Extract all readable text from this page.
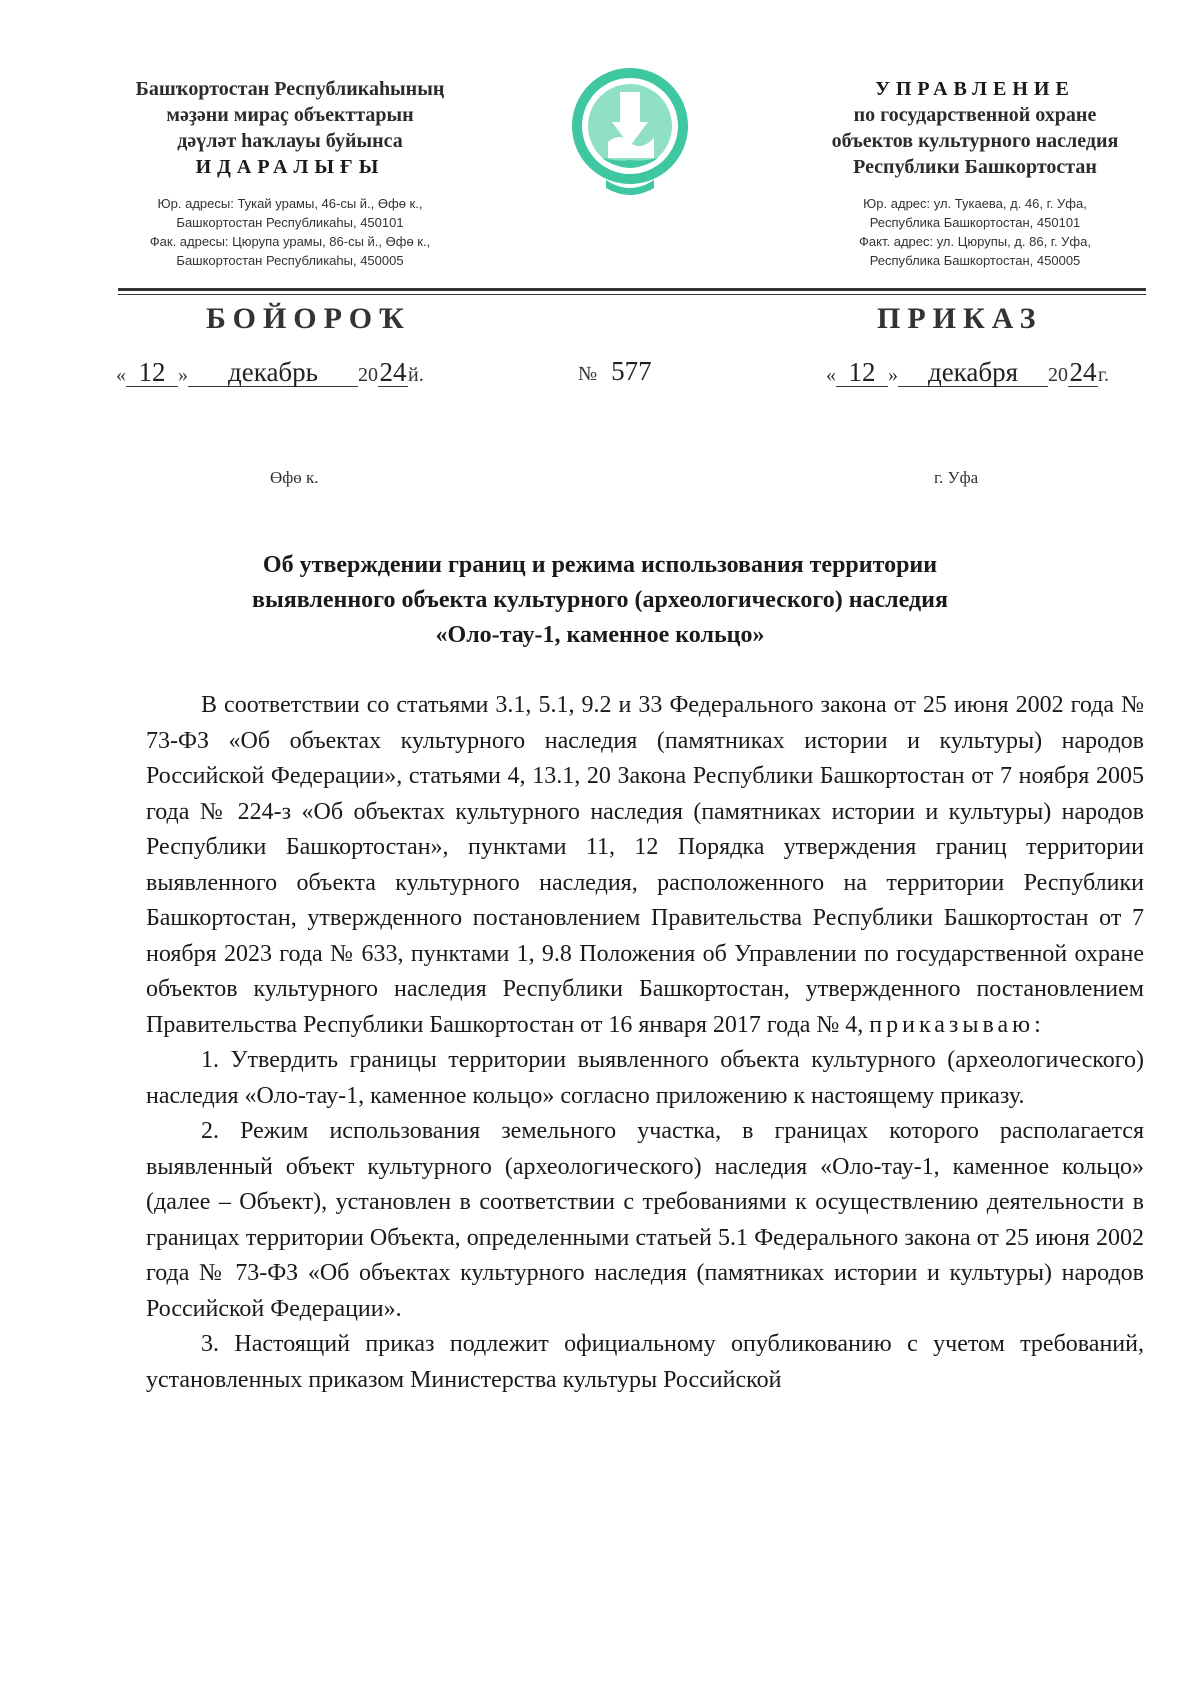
Башҡортостан Республикаһының
мәҙәни мираҫ объекттарын
дәүләт һаҡлауы буйынса
ИДАРАЛЫҒЫ
Юр. адресы: Тукай урамы, 46-сы й., Өфө к.,
Башкортостан Республикаһы, 450101
Фак. адресы: Цюрупа урамы, 86-сы й., Өфө к.,
Башкортостан Республикаһы, 450005
УПРАВЛЕНИЕ
по государственной охране
объектов культурного наследия
Республики Башкортостан
Юр. адрес: ул. Тукаева, д. 46, г. Уфа,
Республика Башкортостан, 450101
Факт. адрес: ул. Цюрупы, д. 86, г. Уфа,
Республика Башкортостан, 450005
БОЙОРОҠ	ПРИКАЗ
« 12 » декабрь 2024й.	№ 577	« 12 » декабря 2024г.
Өфө к.	г. Уфа
Об утверждении границ и режима использования территории
выявленного объекта культурного (археологического) наследия
«Оло-тау-1, каменное кольцо»

В соответствии со статьями 3.1, 5.1, 9.2 и 33 Федерального закона от 25 июня 2002 года № 73-ФЗ «Об объектах культурного наследия (памятниках истории и культуры) народов Российской Федерации», статьями 4, 13.1, 20 Закона Республики Башкортостан от 7 ноября 2005 года № 224-з «Об объектах культурного наследия (памятниках истории и культуры) народов Республики Башкортостан», пунктами 11, 12 Порядка утверждения границ территории выявленного объекта культурного наследия, расположенного на территории Республики Башкортостан, утвержденного постановлением Правительства Республики Башкортостан от 7 ноября 2023 года № 633, пунктами 1, 9.8 Положения об Управлении по государственной охране объектов культурного наследия Республики Башкортостан, утвержденного постановлением Правительства Республики Башкортостан от 16 января 2017 года № 4, приказываю:

1. Утвердить границы территории выявленного объекта культурного (археологического) наследия «Оло-тау-1, каменное кольцо» согласно приложению к настоящему приказу.

2. Режим использования земельного участка, в границах которого располагается выявленный объект культурного (археологического) наследия «Оло-тау-1, каменное кольцо» (далее – Объект), установлен в соответствии с требованиями к осуществлению деятельности в границах территории Объекта, определенными статьей 5.1 Федерального закона от 25 июня 2002 года № 73-ФЗ «Об объектах культурного наследия (памятниках истории и культуры) народов Российской Федерации».

3. Настоящий приказ подлежит официальному опубликованию с учетом требований, установленных приказом Министерства культуры Российской
